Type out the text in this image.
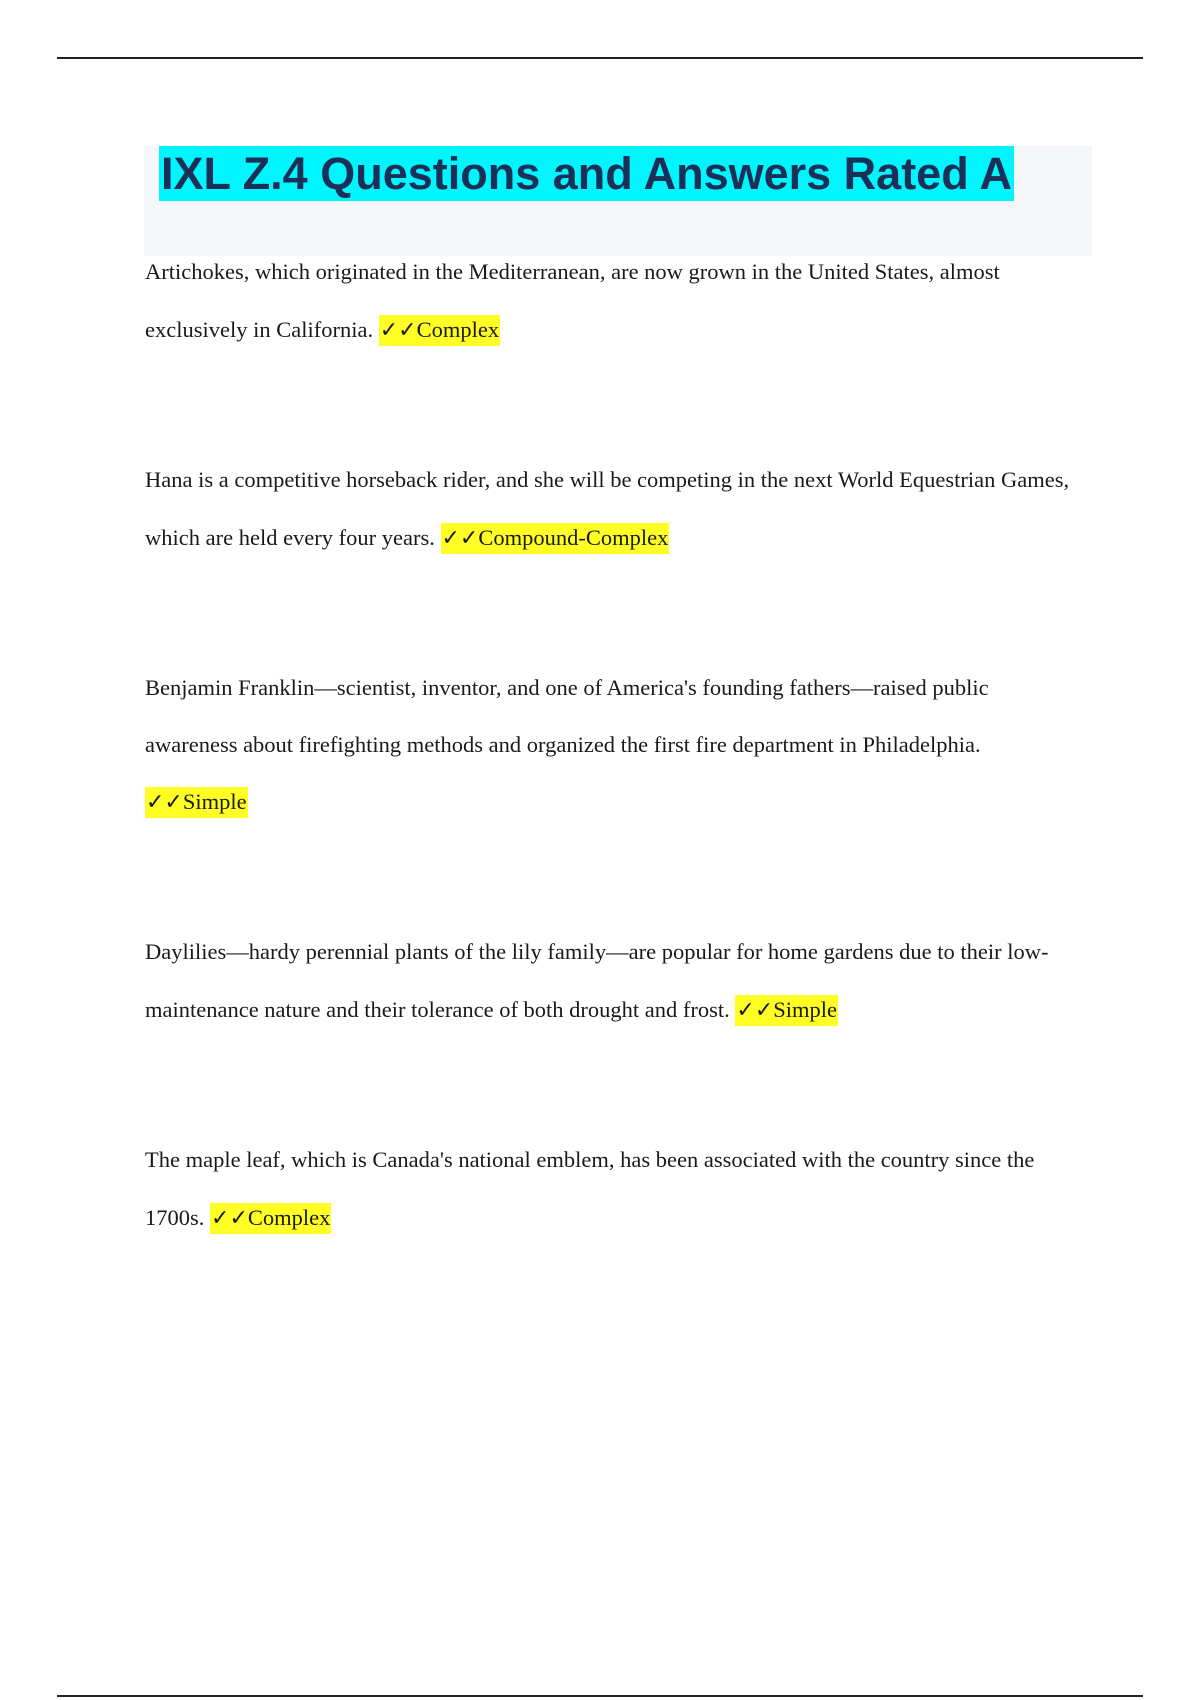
IXL Z.4 Questions and Answers Rated A

Artichokes, which originated in the Mediterranean, are now grown in the United States, almost exclusively in California. ✓✓Complex

Hana is a competitive horseback rider, and she will be competing in the next World Equestrian Games, which are held every four years. ✓✓Compound-Complex

Benjamin Franklin—scientist, inventor, and one of America's founding fathers—raised public awareness about firefighting methods and organized the first fire department in Philadelphia. ✓✓Simple

Daylilies—hardy perennial plants of the lily family—are popular for home gardens due to their low-maintenance nature and their tolerance of both drought and frost. ✓✓Simple

The maple leaf, which is Canada's national emblem, has been associated with the country since the 1700s. ✓✓Complex
